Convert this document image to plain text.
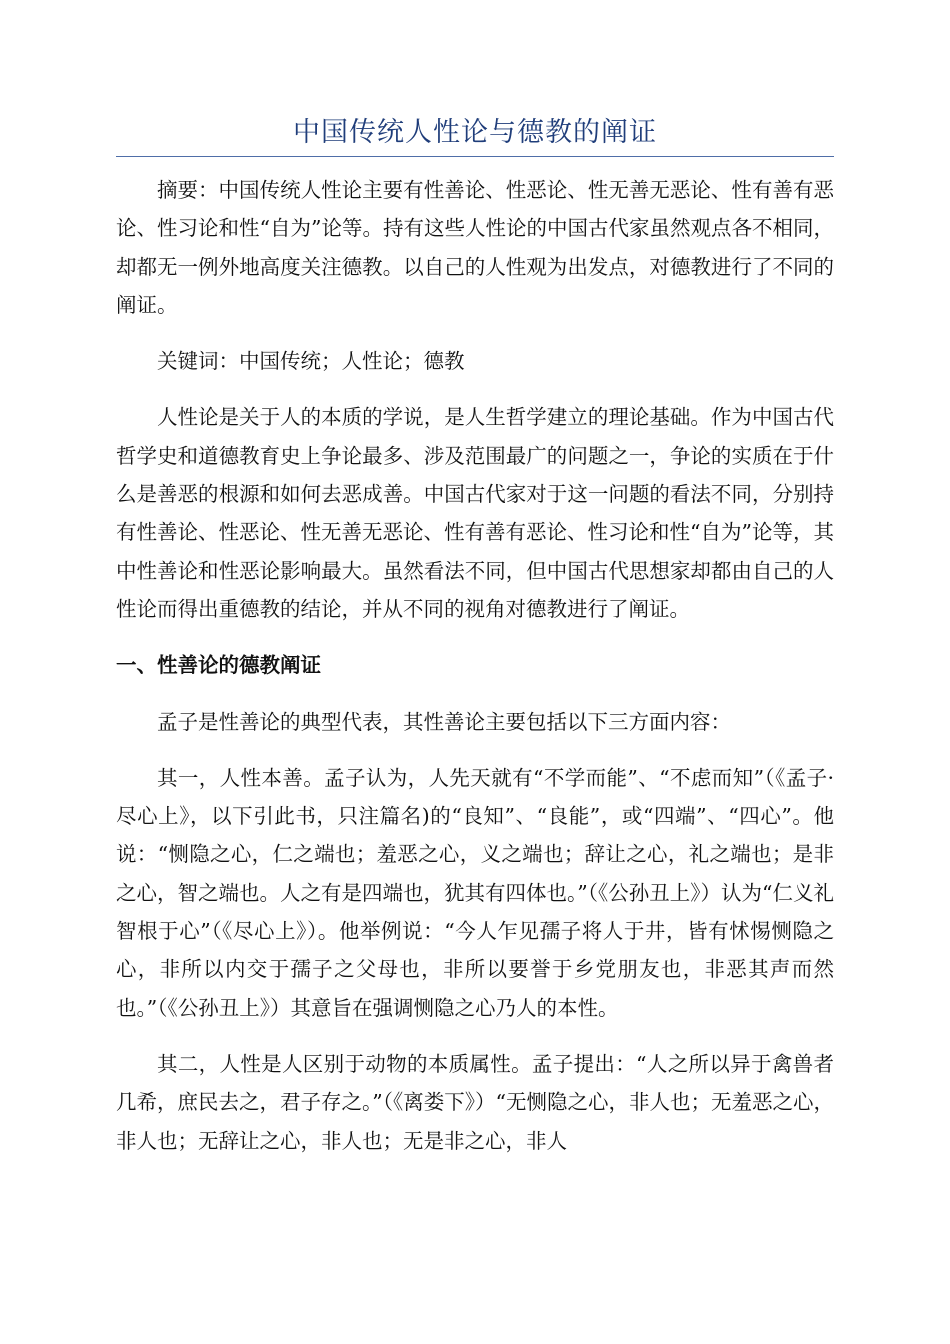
中国传统人性论与德教的阐证

摘要：中国传统人性论主要有性善论、性恶论、性无善无恶论、性有善有恶论、性习论和性“自为”论等。持有这些人性论的中国古代家虽然观点各不相同，却都无一例外地高度关注德教。以自己的人性观为出发点，对德教进行了不同的阐证。

关键词：中国传统；人性论；德教

人性论是关于人的本质的学说，是人生哲学建立的理论基础。作为中国古代哲学史和道德教育史上争论最多、涉及范围最广的问题之一，争论的实质在于什么是善恶的根源和如何去恶成善。中国古代家对于这一问题的看法不同，分别持有性善论、性恶论、性无善无恶论、性有善有恶论、性习论和性“自为”论等，其中性善论和性恶论影响最大。虽然看法不同，但中国古代思想家却都由自己的人性论而得出重德教的结论，并从不同的视角对德教进行了阐证。

一、性善论的德教阐证

孟子是性善论的典型代表，其性善论主要包括以下三方面内容：

其一，人性本善。孟子认为，人先天就有“不学而能”、“不虑而知”（《孟子·尽心上》，以下引此书，只注篇名)的“良知”、“良能”，或“四端”、“四心”。他说：“恻隐之心，仁之端也；羞恶之心，义之端也；辞让之心，礼之端也；是非之心，智之端也。人之有是四端也，犹其有四体也。”（《公孙丑上》）认为“仁义礼智根于心”（《尽心上》）。他举例说：“今人乍见孺子将人于井，皆有怵惕恻隐之心，非所以内交于孺子之父母也，非所以要誉于乡党朋友也，非恶其声而然也。”（《公孙丑上》）其意旨在强调恻隐之心乃人的本性。

其二，人性是人区别于动物的本质属性。孟子提出：“人之所以异于禽兽者几希，庶民去之，君子存之。”（《离娄下》）“无恻隐之心，非人也；无羞恶之心，非人也；无辞让之心，非人也；无是非之心，非人
